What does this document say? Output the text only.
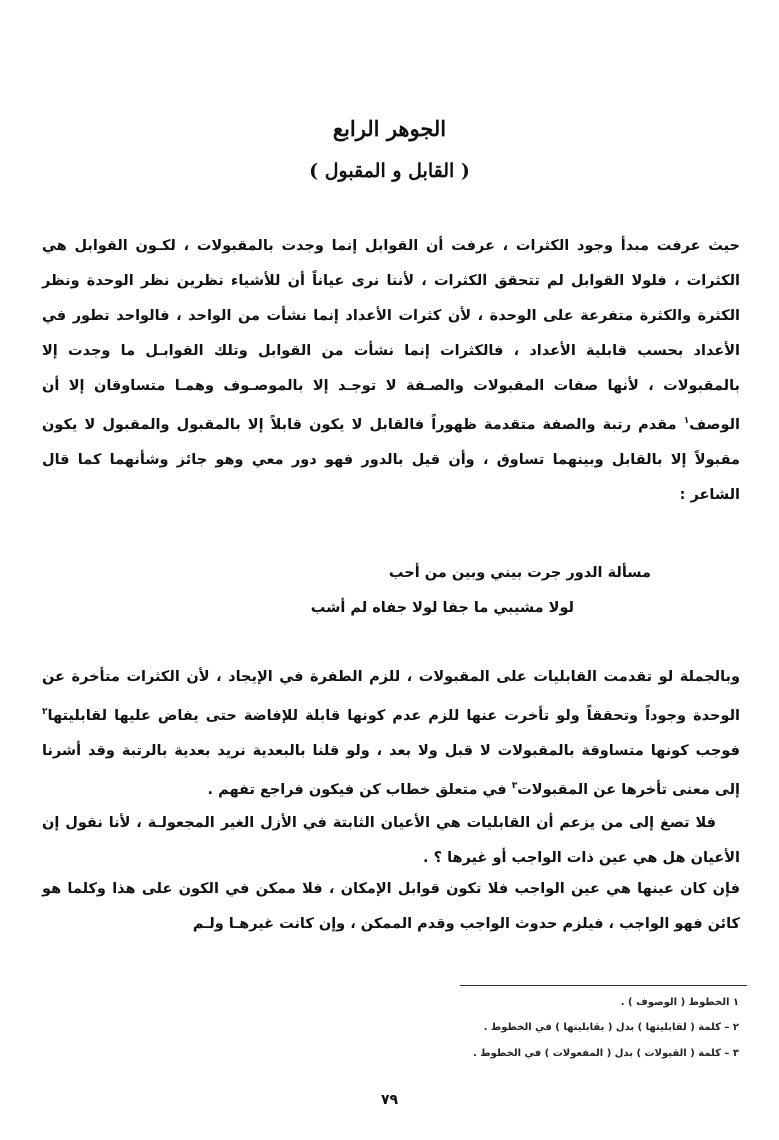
الجوهر الرابع
( القابل و المقبول )

حيث عرفت مبدأ وجود الكثرات ، عرفت أن القوابل إنما وجدت بالمقبولات ، لكـون القوابل هي الكثرات ، فلولا القوابل لم تتحقق الكثرات ، لأننا نرى عياناً أن للأشياء نظرين نظر الوحدة ونظر الكثرة والكثرة متفرعة على الوحدة ، لأن كثرات الأعداد إنما نشأت من الواحد ، فالواحد تطور في الأعداد بحسب قابلية الأعداد ، فالكثرات إنما نشأت من القوابل وتلك القوابـل ما وجدت إلا بالمقبولات ، لأنها صفات المقبولات والصـفة لا توجـد إلا بالموصـوف وهمـا متساوقان إلا أن الوصف$^١$ مقدم رتبة والصفة متقدمة ظهوراً فالقابل لا يكون قابلاً إلا بالمقبول والمقبول لا يكون مقبولاً إلا بالقابل وبينهما تساوق ، وأن قيل بالدور فهو دور معي وهو جائز وشأنهما كما قال الشاعر :

مسألة الدور جرت بيني وبين من أحب

لولا مشيبي ما جفا لولا جفاه لم أشب

وبالجملة لو تقدمت القابليات على المقبولات ، للزم الطفرة في الإيجاد ، لأن الكثرات متأخرة عن الوحدة وجوداً وتحققاً ولو تأخرت عنها للزم عدم كونها قابلة للإفاضة حتى يفاض عليها لقابليتها$^٢$ فوجب كونها متساوقة بالمقبولات لا قبل ولا بعد ، ولو قلنا بالبعدية نريد بعدية بالرتبة وقد أشرنا إلى معنى تأخرها عن المقبولات$^٣$ في متعلق خطاب كن فيكون فراجع تفهم .

فلا تصغ إلى من يزعم أن القابليات هي الأعيان الثابتة في الأزل الغير المجعولـة ، لأنا نقول إن الأعيان هل هي عين ذات الواجب أو غيرها ؟ .

فإن كان عينها هي عين الواجب فلا تكون قوابل الإمكان ، فلا ممكن في الكون على هذا وكلما هو كائن فهو الواجب ، فيلزم حدوث الواجب وقدم الممكن ، وإن كانت غيرهـا ولـم

١ الخطوط ( الوصوف ) .

٢ – كلمة ( لقابليتها ) بدل ( بقابليتها ) في الخطوط .

٣ – كلمة ( القبولات ) بدل ( المفعولات ) في الخطوط .

٧٩
